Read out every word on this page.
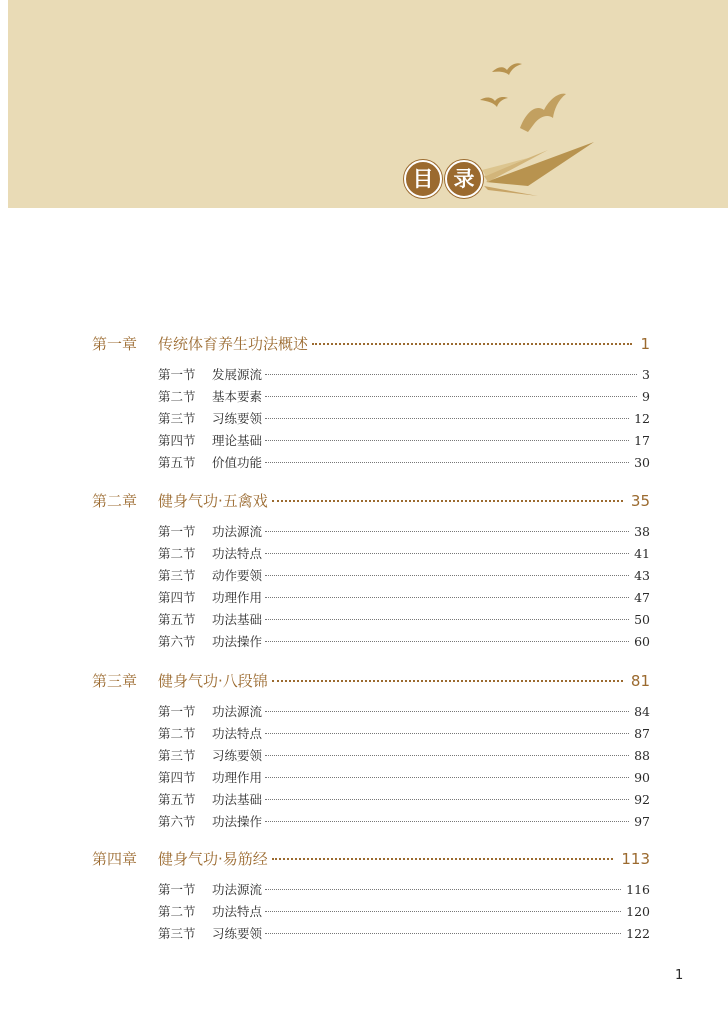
目 录
第一章	传统体育养生功法概述	1
第一节	发展源流	3
第二节	基本要素	9
第三节	习练要领	12
第四节	理论基础	17
第五节	价值功能	30
第二章	健身气功·五禽戏	35
第一节	功法源流	38
第二节	功法特点	41
第三节	动作要领	43
第四节	功理作用	47
第五节	功法基础	50
第六节	功法操作	60
第三章	健身气功·八段锦	81
第一节	功法源流	84
第二节	功法特点	87
第三节	习练要领	88
第四节	功理作用	90
第五节	功法基础	92
第六节	功法操作	97
第四章	健身气功·易筋经	113
第一节	功法源流	116
第二节	功法特点	120
第三节	习练要领	122
1
